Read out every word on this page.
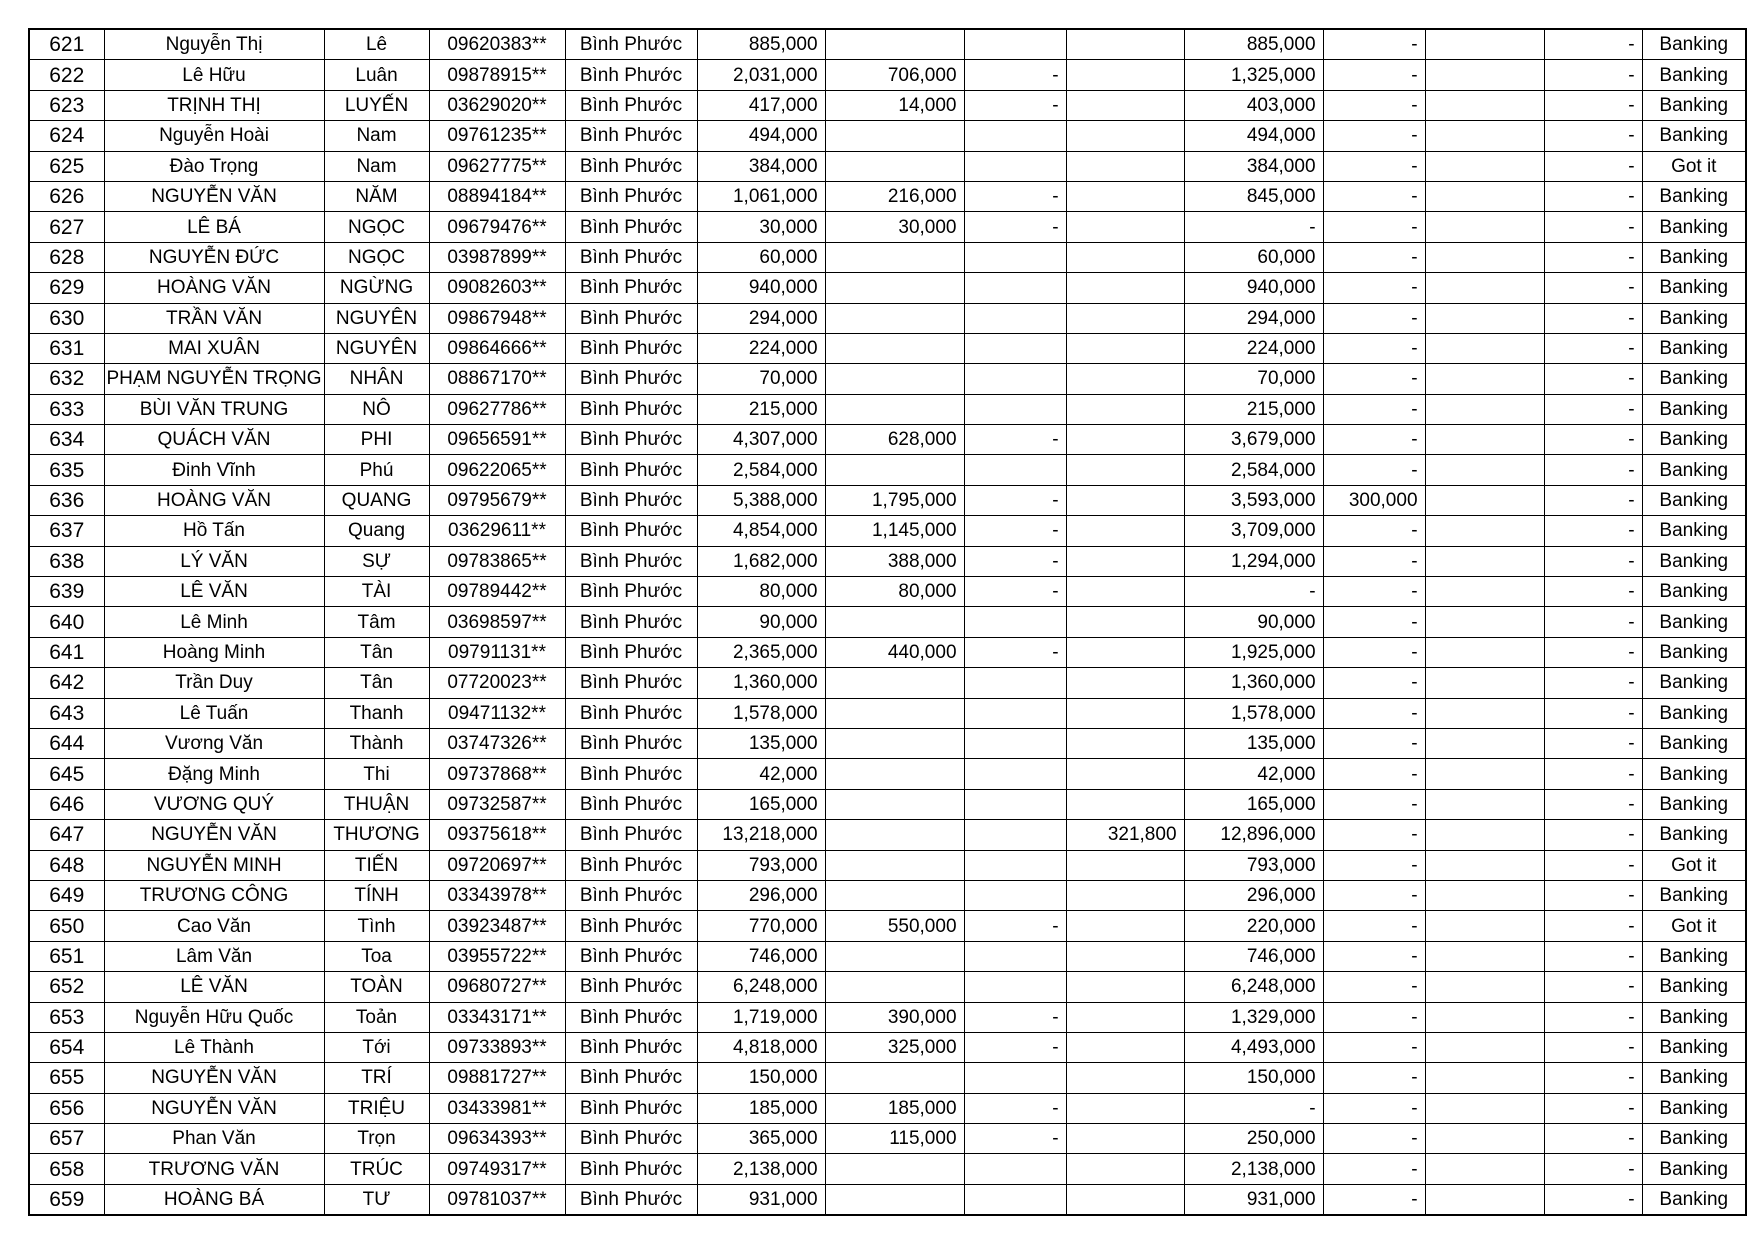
621	Nguyễn Thị	Lê	09620383**	Bình Phước	885,000				885,000	-		-	Banking
622	Lê Hữu	Luân	09878915**	Bình Phước	2,031,000	706,000	-		1,325,000	-		-	Banking
623	TRỊNH THỊ	LUYẾN	03629020**	Bình Phước	417,000	14,000	-		403,000	-		-	Banking
624	Nguyễn Hoài	Nam	09761235**	Bình Phước	494,000				494,000	-		-	Banking
625	Đào Trọng	Nam	09627775**	Bình Phước	384,000				384,000	-		-	Got it
626	NGUYỄN VĂN	NĂM	08894184**	Bình Phước	1,061,000	216,000	-		845,000	-		-	Banking
627	LÊ BÁ	NGỌC	09679476**	Bình Phước	30,000	30,000	-		-	-		-	Banking
628	NGUYỄN ĐỨC	NGỌC	03987899**	Bình Phước	60,000				60,000	-		-	Banking
629	HOÀNG VĂN	NGỪNG	09082603**	Bình Phước	940,000				940,000	-		-	Banking
630	TRẦN VĂN	NGUYÊN	09867948**	Bình Phước	294,000				294,000	-		-	Banking
631	MAI XUÂN	NGUYÊN	09864666**	Bình Phước	224,000				224,000	-		-	Banking
632	PHẠM NGUYỄN TRỌNG	NHÂN	08867170**	Bình Phước	70,000				70,000	-		-	Banking
633	BÙI VĂN TRUNG	NÔ	09627786**	Bình Phước	215,000				215,000	-		-	Banking
634	QUÁCH VĂN	PHI	09656591**	Bình Phước	4,307,000	628,000	-		3,679,000	-		-	Banking
635	Đinh Vĩnh	Phú	09622065**	Bình Phước	2,584,000				2,584,000	-		-	Banking
636	HOÀNG VĂN	QUANG	09795679**	Bình Phước	5,388,000	1,795,000	-		3,593,000	300,000		-	Banking
637	Hồ Tấn	Quang	03629611**	Bình Phước	4,854,000	1,145,000	-		3,709,000	-		-	Banking
638	LÝ VĂN	SỰ	09783865**	Bình Phước	1,682,000	388,000	-		1,294,000	-		-	Banking
639	LÊ VĂN	TÀI	09789442**	Bình Phước	80,000	80,000	-		-	-		-	Banking
640	Lê Minh	Tâm	03698597**	Bình Phước	90,000				90,000	-		-	Banking
641	Hoàng Minh	Tân	09791131**	Bình Phước	2,365,000	440,000	-		1,925,000	-		-	Banking
642	Trần Duy	Tân	07720023**	Bình Phước	1,360,000				1,360,000	-		-	Banking
643	Lê Tuấn	Thanh	09471132**	Bình Phước	1,578,000				1,578,000	-		-	Banking
644	Vương Văn	Thành	03747326**	Bình Phước	135,000				135,000	-		-	Banking
645	Đặng Minh	Thi	09737868**	Bình Phước	42,000				42,000	-		-	Banking
646	VƯƠNG QUÝ	THUẬN	09732587**	Bình Phước	165,000				165,000	-		-	Banking
647	NGUYỄN VĂN	THƯƠNG	09375618**	Bình Phước	13,218,000			321,800	12,896,000	-		-	Banking
648	NGUYỄN MINH	TIẾN	09720697**	Bình Phước	793,000				793,000	-		-	Got it
649	TRƯƠNG CÔNG	TÍNH	03343978**	Bình Phước	296,000				296,000	-		-	Banking
650	Cao Văn	Tình	03923487**	Bình Phước	770,000	550,000	-		220,000	-		-	Got it
651	Lâm Văn	Toa	03955722**	Bình Phước	746,000				746,000	-		-	Banking
652	LÊ VĂN	TOÀN	09680727**	Bình Phước	6,248,000				6,248,000	-		-	Banking
653	Nguyễn Hữu Quốc	Toản	03343171**	Bình Phước	1,719,000	390,000	-		1,329,000	-		-	Banking
654	Lê Thành	Tới	09733893**	Bình Phước	4,818,000	325,000	-		4,493,000	-		-	Banking
655	NGUYỄN VĂN	TRÍ	09881727**	Bình Phước	150,000				150,000	-		-	Banking
656	NGUYỄN VĂN	TRIỆU	03433981**	Bình Phước	185,000	185,000	-		-	-		-	Banking
657	Phan Văn	Trọn	09634393**	Bình Phước	365,000	115,000	-		250,000	-		-	Banking
658	TRƯƠNG VĂN	TRÚC	09749317**	Bình Phước	2,138,000				2,138,000	-		-	Banking
659	HOÀNG BÁ	TƯ	09781037**	Bình Phước	931,000				931,000	-		-	Banking
